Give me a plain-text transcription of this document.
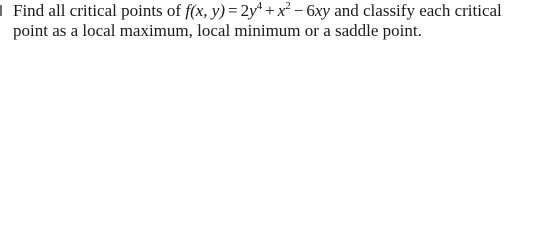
Find all critical points of f(x, $y) = 2y^4 + x^2 - 6xy$ and classify each critical
point as a local maximum, local minimum or a saddle point.
